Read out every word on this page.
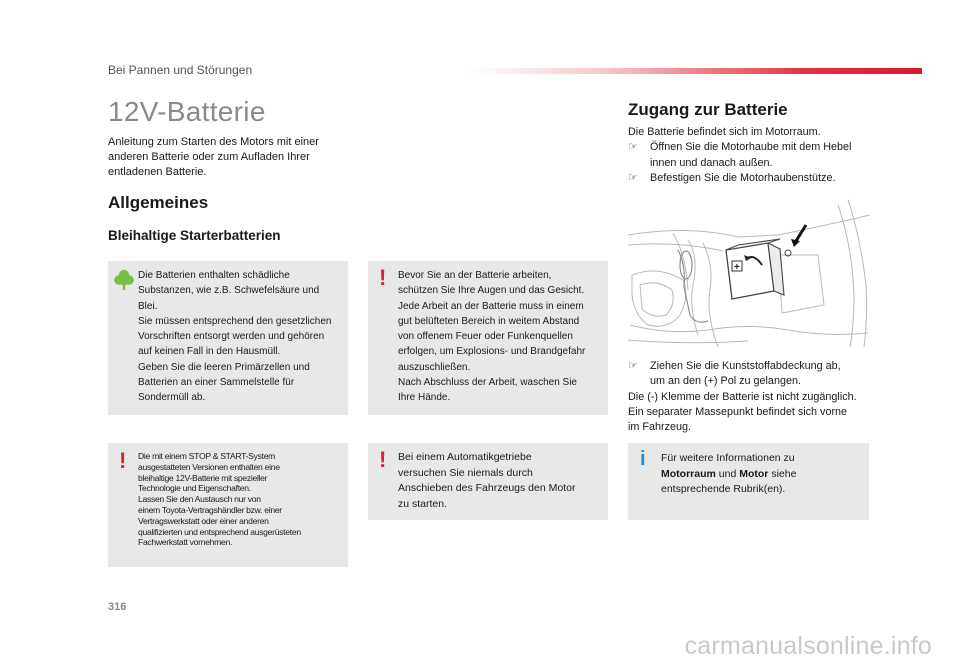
Bei Pannen und Störungen
12V-Batterie

Anleitung zum Starten des Motors mit einer anderen Batterie oder zum Aufladen Ihrer entladenen Batterie.

Allgemeines
Bleihaltige Starterbatterien
Die Batterien enthalten schädliche
Substanzen, wie z.B. Schwefelsäure und
Blei.
Sie müssen entsprechend den gesetzlichen
Vorschriften entsorgt werden und gehören
auf keinen Fall in den Hausmüll.
Geben Sie die leeren Primärzellen und
Batterien an einer Sammelstelle für
Sondermüll ab.
! Bevor Sie an der Batterie arbeiten,
schützen Sie Ihre Augen und das Gesicht.
Jede Arbeit an der Batterie muss in einem
gut belüfteten Bereich in weitem Abstand
von offenem Feuer oder Funkenquellen
erfolgen, um Explosions- und Brandgefahr
auszuschließen.
Nach Abschluss der Arbeit, waschen Sie
Ihre Hände.
! Die mit einem STOP & START-System
ausgestatteten Versionen enthalten eine
bleihaltige 12V-Batterie mit spezieller
Technologie und Eigenschaften.
Lassen Sie den Austausch nur von
einem Toyota-Vertragshändler bzw. einer
Vertragswerkstatt oder einer anderen
qualifizierten und entsprechend ausgerüsteten
Fachwerkstatt vornehmen.
! Bei einem Automatikgetriebe
versuchen Sie niemals durch
Anschieben des Fahrzeugs den Motor
zu starten.
i Für weitere Informationen zu
Motorraum und Motor siehe
entsprechende Rubrik(en).
Zugang zur Batterie
Die Batterie befindet sich im Motorraum.
☞ Öffnen Sie die Motorhaube mit dem Hebel
innen und danach außen.
☞ Befestigen Sie die Motorhaubenstütze.
+
☞ Ziehen Sie die Kunststoffabdeckung ab,
um an den (+) Pol zu gelangen.
Die (-) Klemme der Batterie ist nicht zugänglich.
Ein separater Massepunkt befindet sich vorne
im Fahrzeug.
316
carmanualsonline.info
